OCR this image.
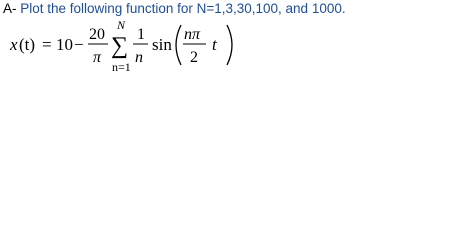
A- Plot the following function for N=1,3,30,100, and 1000.
x (t) = 10 −
20
π
N
∑
n=1
1
n
sin
nπ
2
t
